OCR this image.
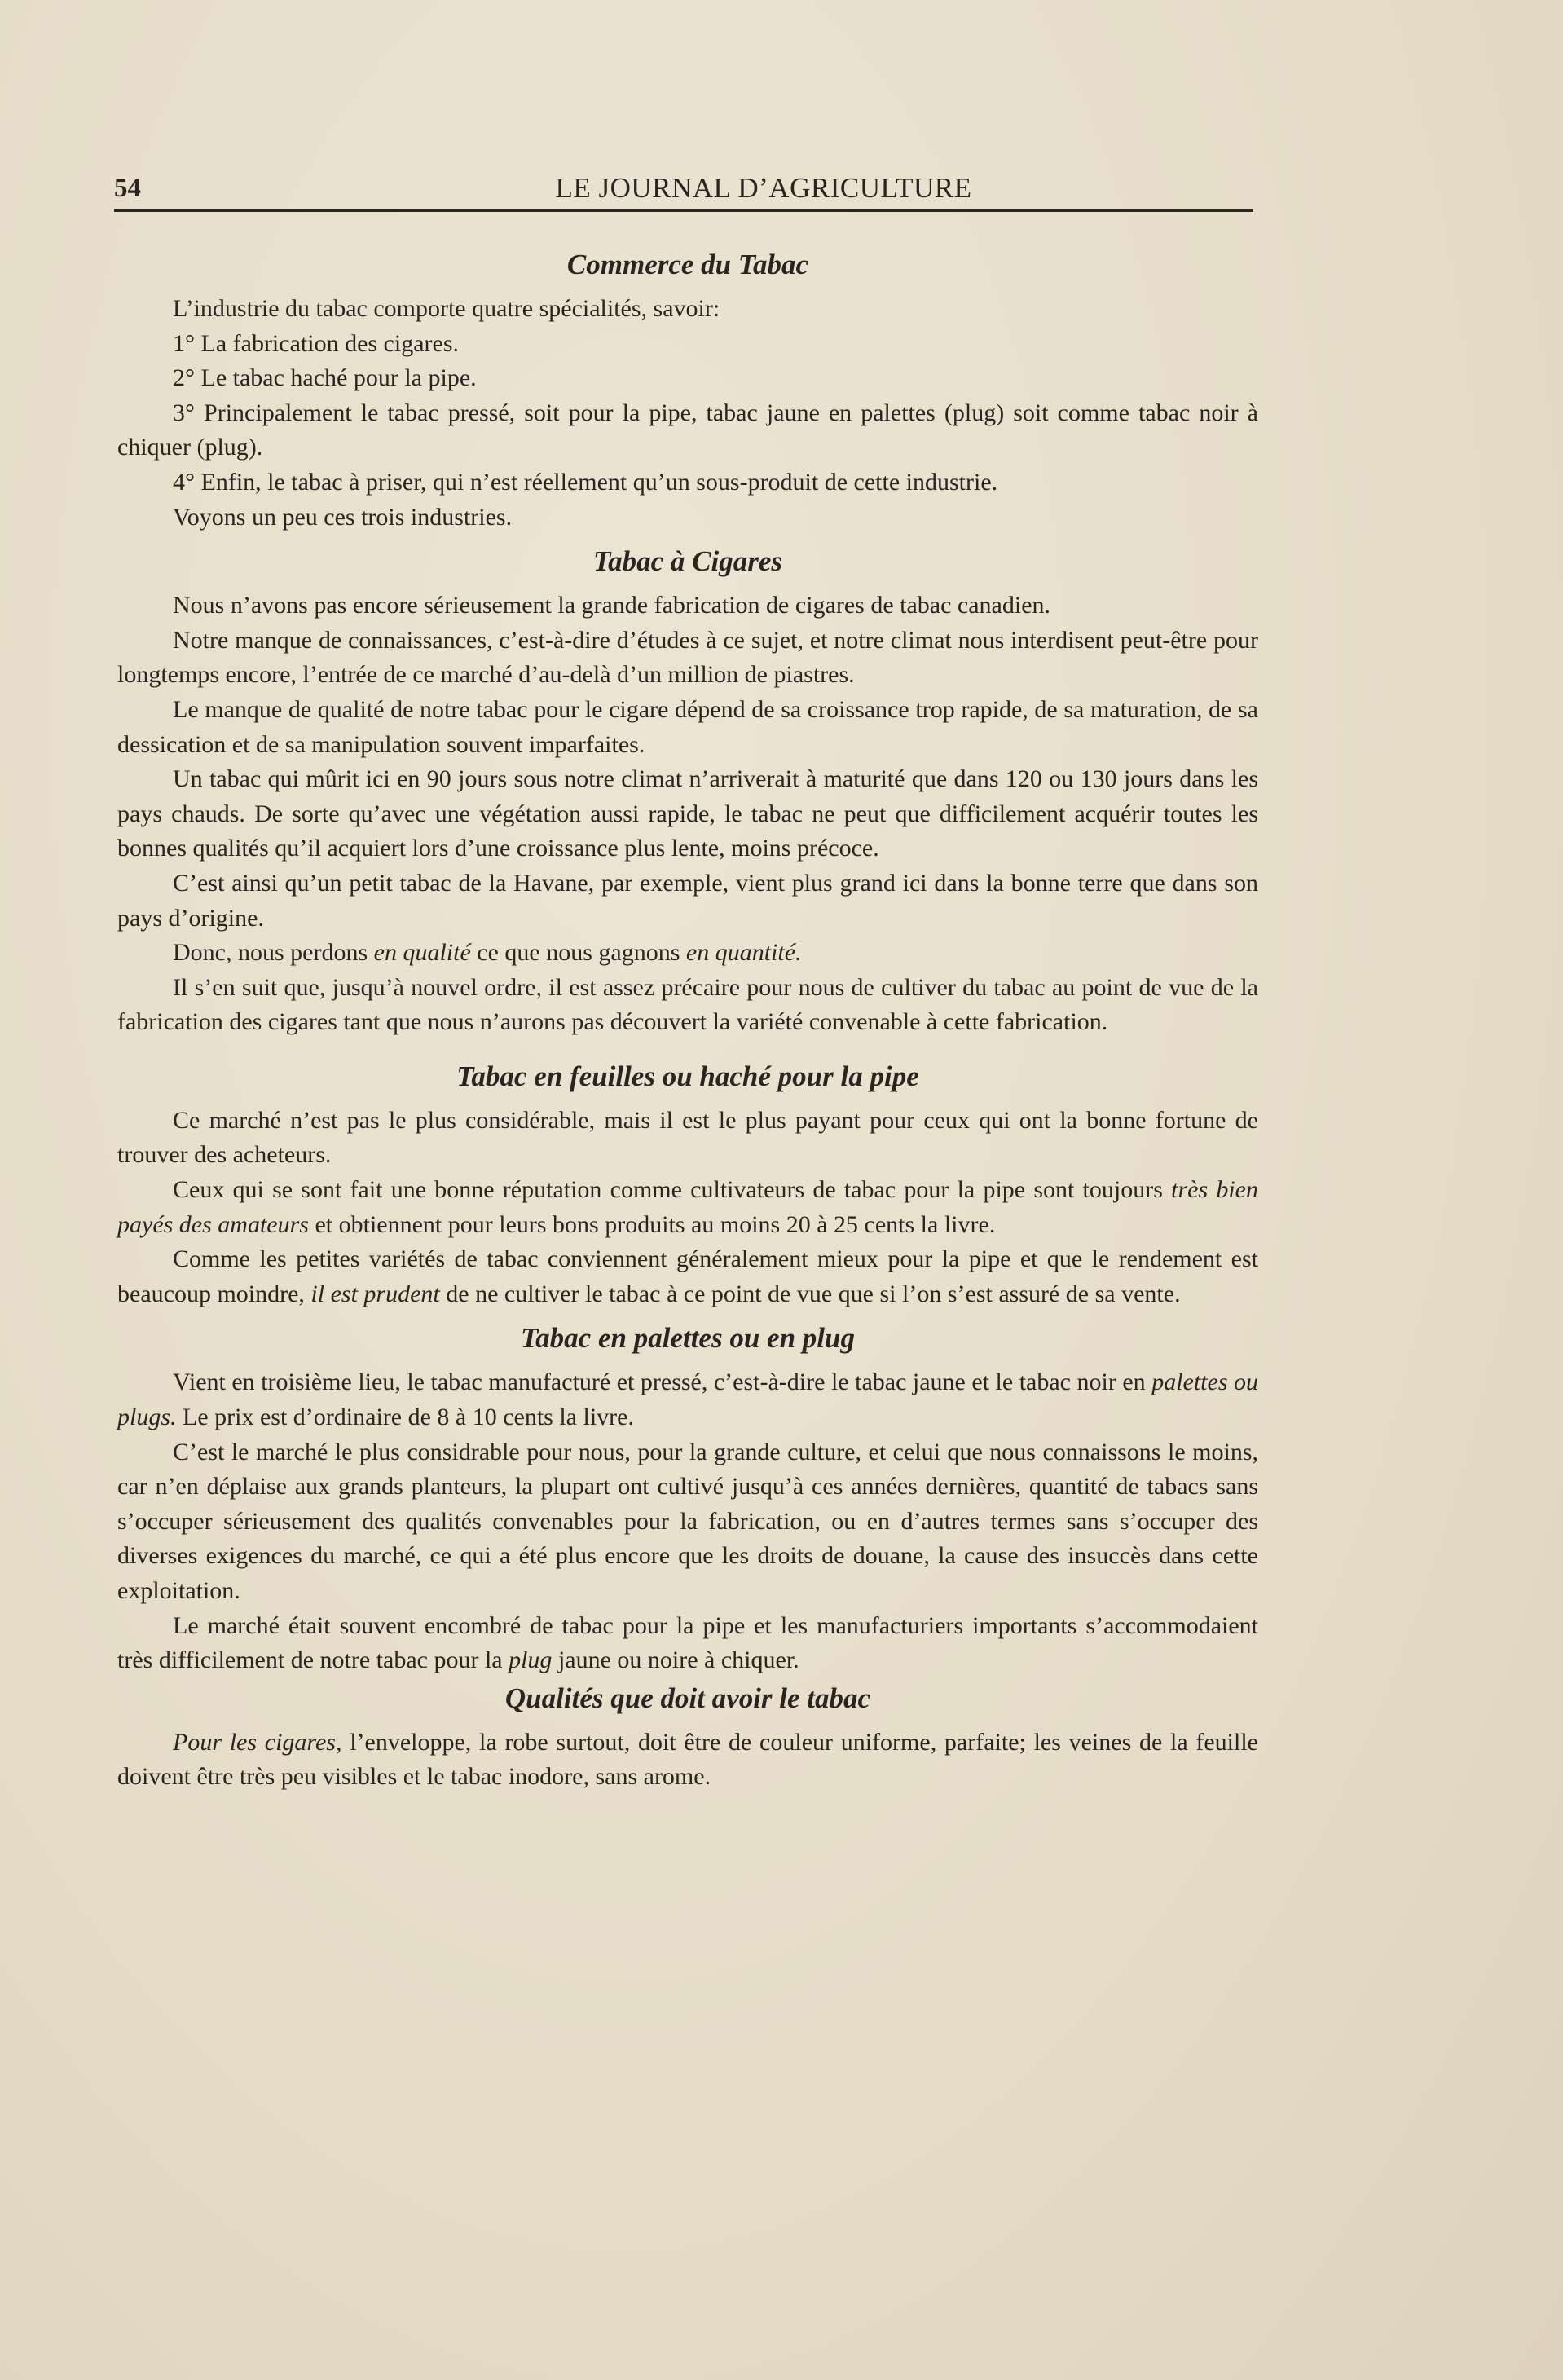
54	LE JOURNAL D’AGRICULTURE
Commerce du Tabac

L’industrie du tabac comporte quatre spécialités, savoir:

1° La fabrication des cigares.

2° Le tabac haché pour la pipe.

3° Principalement le tabac pressé, soit pour la pipe, tabac jaune en palettes (plug) soit comme tabac noir à chiquer (plug).

4° Enfin, le tabac à priser, qui n’est réellement qu’un sous-produit de cette industrie.

Voyons un peu ces trois industries.

Tabac à Cigares

Nous n’avons pas encore sérieusement la grande fabrication de cigares de tabac canadien.

Notre manque de connaissances, c’est-à-dire d’études à ce sujet, et notre climat nous interdisent peut-être pour longtemps encore, l’entrée de ce marché d’au-delà d’un million de piastres.

Le manque de qualité de notre tabac pour le cigare dépend de sa croissance trop rapide, de sa maturation, de sa dessication et de sa manipulation souvent imparfaites.

Un tabac qui mûrit ici en 90 jours sous notre climat n’arriverait à maturité que dans 120 ou 130 jours dans les pays chauds. De sorte qu’avec une végétation aussi rapide, le tabac ne peut que difficilement acquérir toutes les bonnes qualités qu’il acquiert lors d’une croissance plus lente, moins précoce.

C’est ainsi qu’un petit tabac de la Havane, par exemple, vient plus grand ici dans la bonne terre que dans son pays d’origine.

Donc, nous perdons en qualité ce que nous gagnons en quantité.

Il s’en suit que, jusqu’à nouvel ordre, il est assez précaire pour nous de cultiver du tabac au point de vue de la fabrication des cigares tant que nous n’aurons pas découvert la variété convenable à cette fabrication.

Tabac en feuilles ou haché pour la pipe

Ce marché n’est pas le plus considérable, mais il est le plus payant pour ceux qui ont la bonne fortune de trouver des acheteurs.

Ceux qui se sont fait une bonne réputation comme cultivateurs de tabac pour la pipe sont toujours très bien payés des amateurs et obtiennent pour leurs bons produits au moins 20 à 25 cents la livre.

Comme les petites variétés de tabac conviennent généralement mieux pour la pipe et que le rendement est beaucoup moindre, il est prudent de ne cultiver le tabac à ce point de vue que si l’on s’est assuré de sa vente.

Tabac en palettes ou en plug

Vient en troisième lieu, le tabac manufacturé et pressé, c’est-à-dire le tabac jaune et le tabac noir en palettes ou plugs. Le prix est d’ordinaire de 8 à 10 cents la livre.

C’est le marché le plus considrable pour nous, pour la grande culture, et celui que nous connaissons le moins, car n’en déplaise aux grands planteurs, la plupart ont cultivé jusqu’à ces années dernières, quantité de tabacs sans s’occuper sérieusement des qualités convenables pour la fabrication, ou en d’autres termes sans s’occuper des diverses exigences du marché, ce qui a été plus encore que les droits de douane, la cause des insuccès dans cette exploitation.

Le marché était souvent encombré de tabac pour la pipe et les manufacturiers importants s’accommodaient très difficilement de notre tabac pour la plug jaune ou noire à chiquer.

Qualités que doit avoir le tabac

Pour les cigares, l’enveloppe, la robe surtout, doit être de couleur uniforme, parfaite; les veines de la feuille doivent être très peu visibles et le tabac inodore, sans arome.
